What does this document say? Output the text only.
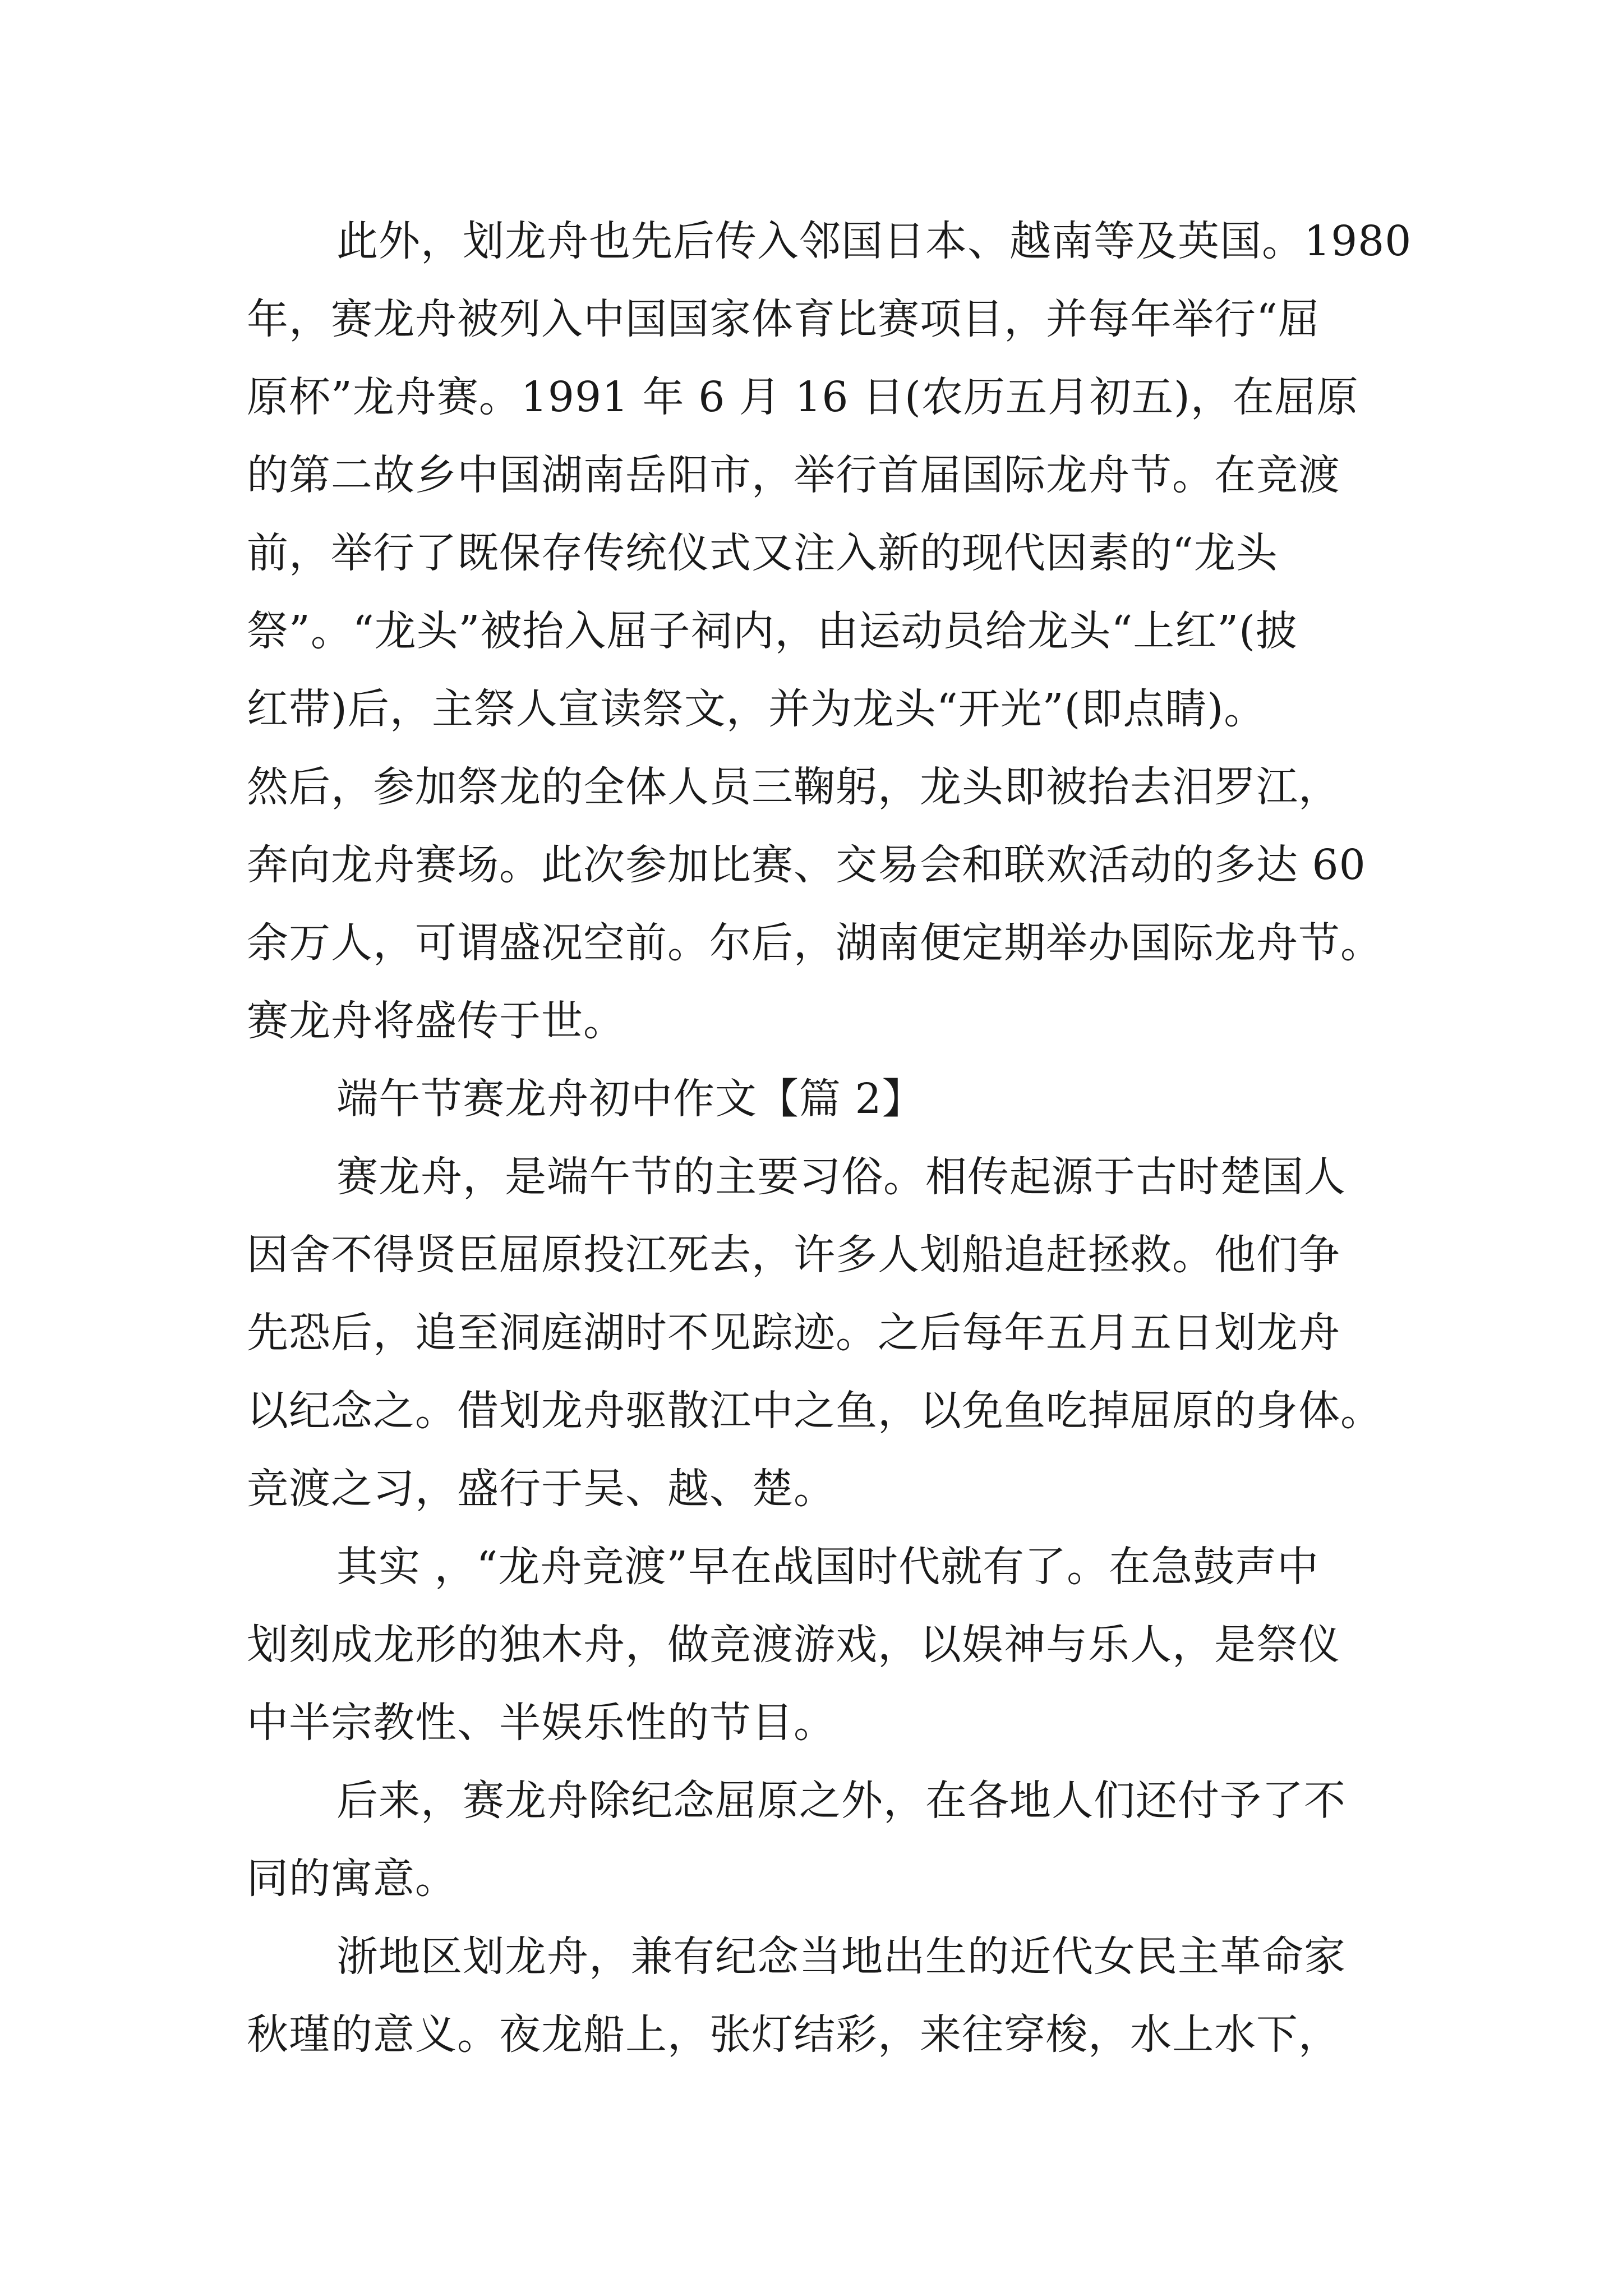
此外，划龙舟也先后传入邻国日本、越南等及英国。1980
年，赛龙舟被列入中国国家体育比赛项目，并每年举行“屈
原杯”龙舟赛。1991 年 6 月 16 日(农历五月初五)，在屈原
的第二故乡中国湖南岳阳市，举行首届国际龙舟节。在竞渡
前，举行了既保存传统仪式又注入新的现代因素的“龙头
祭”。“龙头”被抬入屈子祠内，由运动员给龙头“上红”(披
红带)后，主祭人宣读祭文，并为龙头“开光”(即点睛)。
然后，参加祭龙的全体人员三鞠躬，龙头即被抬去汨罗江，
奔向龙舟赛场。此次参加比赛、交易会和联欢活动的多达 60
余万人，可谓盛况空前。尔后，湖南便定期举办国际龙舟节。
赛龙舟将盛传于世。
端午节赛龙舟初中作文【篇 2】
赛龙舟，是端午节的主要习俗。相传起源于古时楚国人
因舍不得贤臣屈原投江死去，许多人划船追赶拯救。他们争
先恐后，追至洞庭湖时不见踪迹。之后每年五月五日划龙舟
以纪念之。借划龙舟驱散江中之鱼，以免鱼吃掉屈原的身体。
竞渡之习，盛行于吴、越、楚。
其实 ，“龙舟竞渡”早在战国时代就有了。在急鼓声中
划刻成龙形的独木舟，做竞渡游戏，以娱神与乐人，是祭仪
中半宗教性、半娱乐性的节目。
后来，赛龙舟除纪念屈原之外，在各地人们还付予了不
同的寓意。
浙地区划龙舟，兼有纪念当地出生的近代女民主革命家
秋瑾的意义。夜龙船上，张灯结彩，来往穿梭，水上水下，
